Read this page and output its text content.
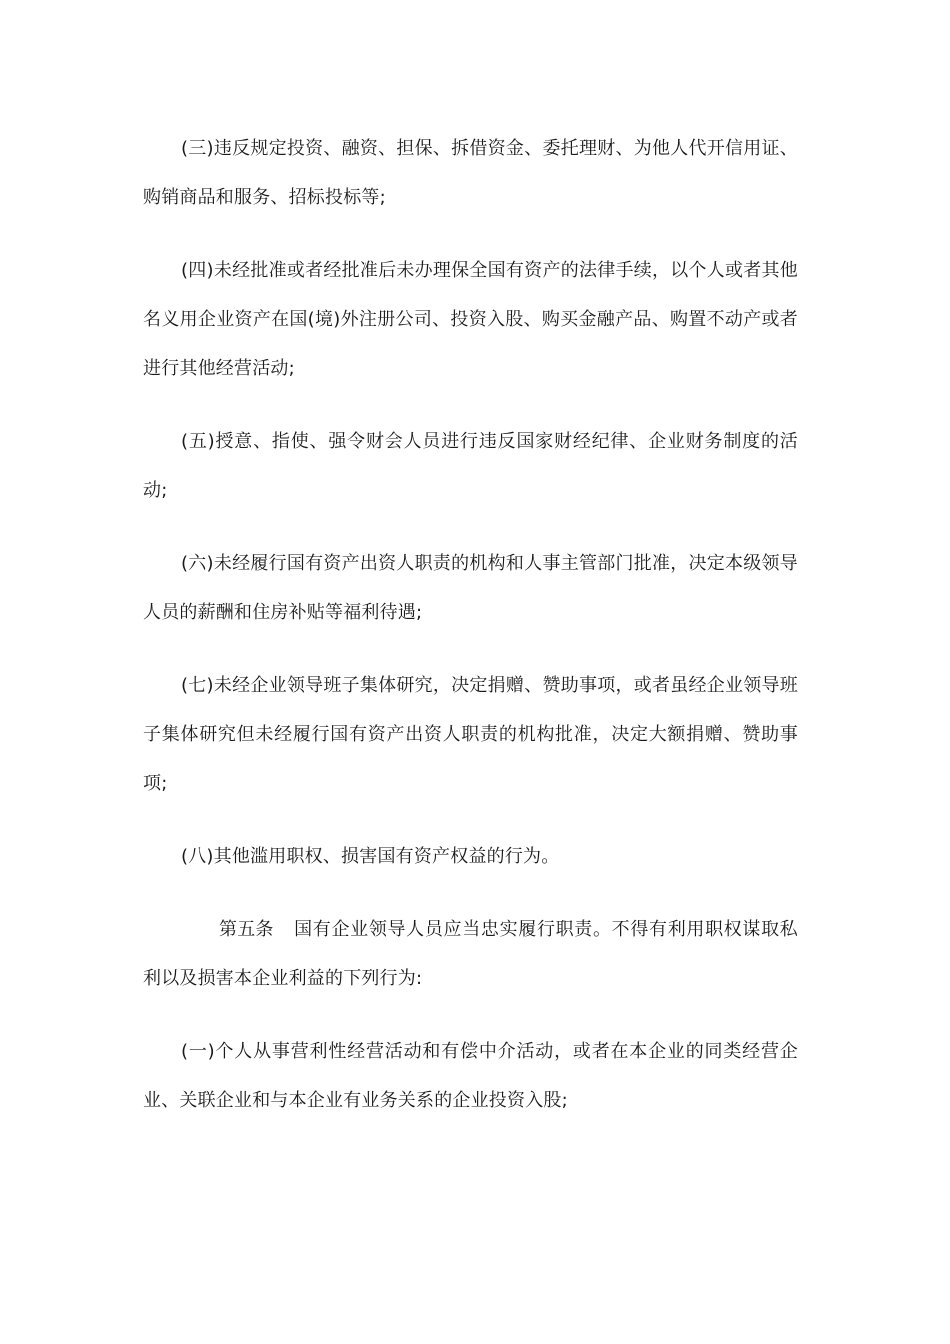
(三)违反规定投资、融资、担保、拆借资金、委托理财、为他人代开信用证、购销商品和服务、招标投标等;

(四)未经批准或者经批准后未办理保全国有资产的法律手续，以个人或者其他名义用企业资产在国(境)外注册公司、投资入股、购买金融产品、购置不动产或者进行其他经营活动;

(五)授意、指使、强令财会人员进行违反国家财经纪律、企业财务制度的活动;

(六)未经履行国有资产出资人职责的机构和人事主管部门批准，决定本级领导人员的薪酬和住房补贴等福利待遇;

(七)未经企业领导班子集体研究，决定捐赠、赞助事项，或者虽经企业领导班子集体研究但未经履行国有资产出资人职责的机构批准，决定大额捐赠、赞助事项;

(八)其他滥用职权、损害国有资产权益的行为。

第五条 国有企业领导人员应当忠实履行职责。不得有利用职权谋取私利以及损害本企业利益的下列行为:

(一)个人从事营利性经营活动和有偿中介活动，或者在本企业的同类经营企业、关联企业和与本企业有业务关系的企业投资入股;
